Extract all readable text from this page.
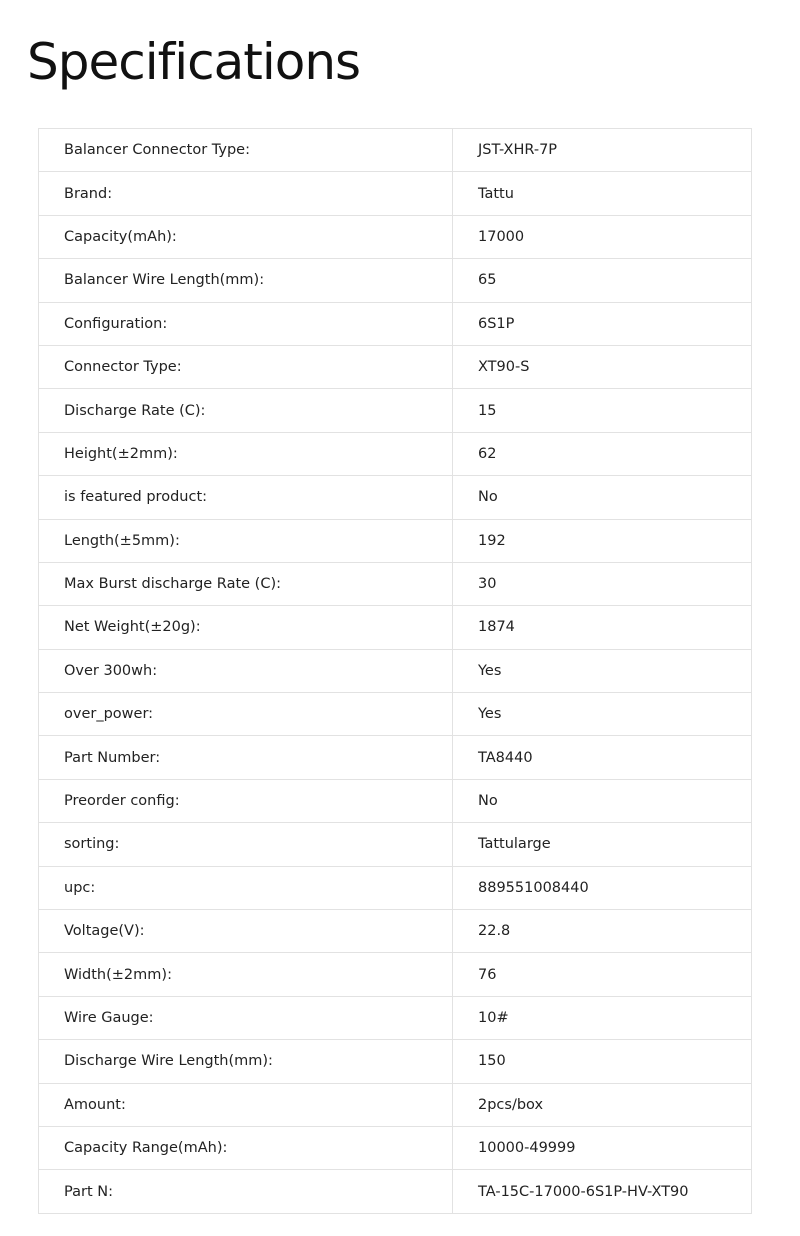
Specifications
Balancer Connector Type:	JST-XHR-7P
Brand:	Tattu
Capacity(mAh):	17000
Balancer Wire Length(mm):	65
Configuration:	6S1P
Connector Type:	XT90-S
Discharge Rate (C):	15
Height(±2mm):	62
is featured product:	No
Length(±5mm):	192
Max Burst discharge Rate (C):	30
Net Weight(±20g):	1874
Over 300wh:	Yes
over_power:	Yes
Part Number:	TA8440
Preorder config:	No
sorting:	Tattularge
upc:	889551008440
Voltage(V):	22.8
Width(±2mm):	76
Wire Gauge:	10#
Discharge Wire Length(mm):	150
Amount:	2pcs/box
Capacity Range(mAh):	10000-49999
Part N:	TA-15C-17000-6S1P-HV-XT90
